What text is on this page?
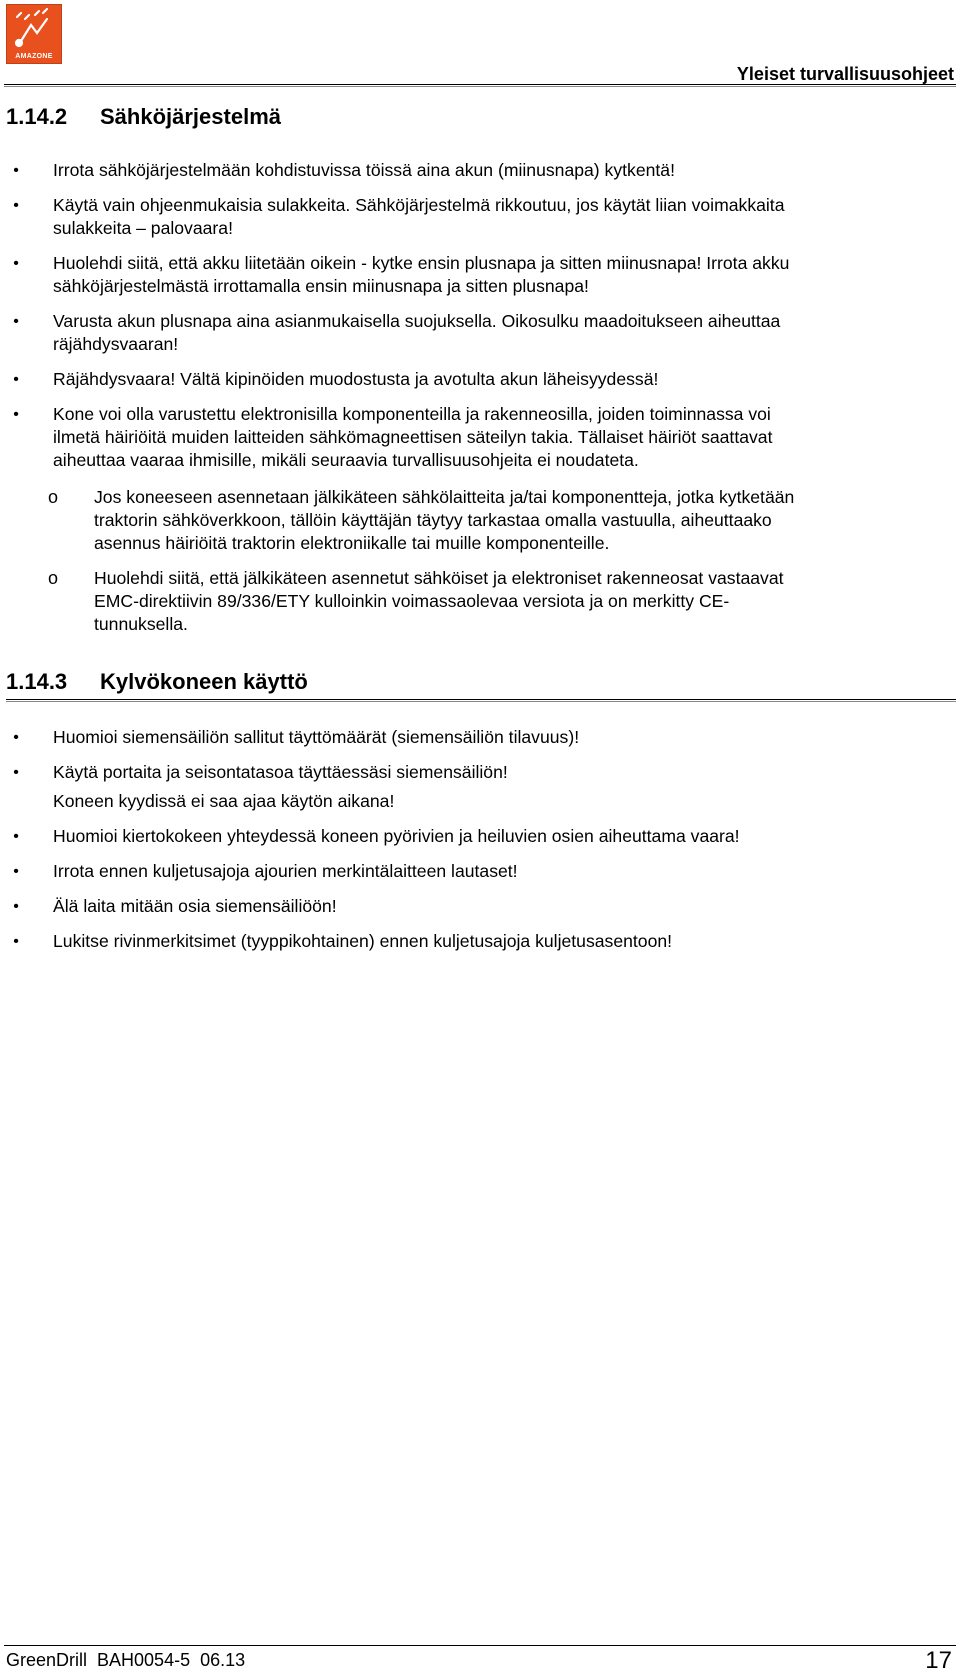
AMAZONE
Yleiset turvallisuusohjeet
1.14.2	Sähköjärjestelmä
•	Irrota sähköjärjestelmään kohdistuvissa töissä aina akun (miinusnapa) kytkentä!
•	Käytä vain ohjeenmukaisia sulakkeita. Sähköjärjestelmä rikkoutuu, jos käytät liian voimakkaita
sulakkeita – palovaara!
•	Huolehdi siitä, että akku liitetään oikein - kytke ensin plusnapa ja sitten miinusnapa! Irrota akku
sähköjärjestelmästä irrottamalla ensin miinusnapa ja sitten plusnapa!
•	Varusta akun plusnapa aina asianmukaisella suojuksella. Oikosulku maadoitukseen aiheuttaa
räjähdysvaaran!
•	Räjähdysvaara! Vältä kipinöiden muodostusta ja avotulta akun läheisyydessä!
•	Kone voi olla varustettu elektronisilla komponenteilla ja rakenneosilla, joiden toiminnassa voi
ilmetä häiriöitä muiden laitteiden sähkömagneettisen säteilyn takia. Tällaiset häiriöt saattavat
aiheuttaa vaaraa ihmisille, mikäli seuraavia turvallisuusohjeita ei noudateta.
ο Jos koneeseen asennetaan jälkikäteen sähkölaitteita ja/tai komponentteja, jotka kytketään
traktorin sähköverkkoon, tällöin käyttäjän täytyy tarkastaa omalla vastuulla, aiheuttaako
asennus häiriöitä traktorin elektroniikalle tai muille komponenteille.
ο Huolehdi siitä, että jälkikäteen asennetut sähköiset ja elektroniset rakenneosat vastaavat
EMC-direktiivin 89/336/ETY kulloinkin voimassaolevaa versiota ja on merkitty CE-
tunnuksella.
1.14.3	Kylvökoneen käyttö
•	Huomioi siemensäiliön sallitut täyttömäärät (siemensäiliön tilavuus)!
•	Käytä portaita ja seisontatasoa täyttäessäsi siemensäiliön!
Koneen kyydissä ei saa ajaa käytön aikana!
•	Huomioi kiertokokeen yhteydessä koneen pyörivien ja heiluvien osien aiheuttama vaara!
•	Irrota ennen kuljetusajoja ajourien merkintälaitteen lautaset!
•	Älä laita mitään osia siemensäiliöön!
•	Lukitse rivinmerkitsimet (tyyppikohtainen) ennen kuljetusajoja kuljetusasentoon!
GreenDrill  BAH0054-5  06.13	17
